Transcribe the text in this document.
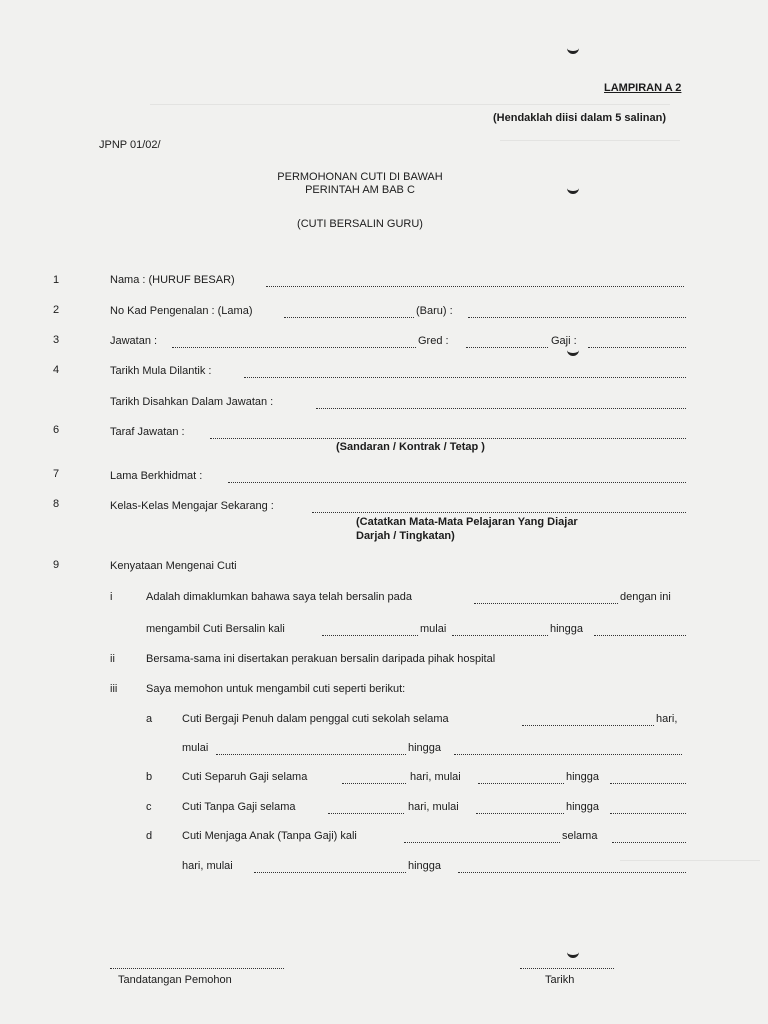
LAMPIRAN A 2
(Hendaklah diisi dalam 5 salinan)
JPNP 01/02/
PERMOHONAN CUTI DI BAWAH
PERINTAH AM BAB C
(CUTI BERSALIN GURU)
1	Nama : (HURUF BESAR)
2	No Kad Pengenalan : (Lama)	(Baru) :
3	Jawatan :	Gred :	Gaji :
4	Tarikh Mula Dilantik :
Tarikh Disahkan Dalam Jawatan :
6	Taraf Jawatan :
(Sandaran / Kontrak / Tetap )
7	Lama Berkhidmat :
8	Kelas-Kelas Mengajar Sekarang :
(Catatkan Mata-Mata Pelajaran Yang Diajar
Darjah / Tingkatan)
9	Kenyataan Mengenai Cuti
i	Adalah dimaklumkan bahawa saya telah bersalin pada	dengan ini
mengambil Cuti Bersalin kali	mulai	hingga
ii	Bersama-sama ini disertakan perakuan bersalin daripada pihak hospital
iii	Saya memohon untuk mengambil cuti seperti berikut:
a	Cuti Bergaji Penuh dalam penggal cuti sekolah selama	hari,
mulai	hingga
b	Cuti Separuh Gaji selama	hari, mulai	hingga
c	Cuti Tanpa Gaji selama	hari, mulai	hingga
d	Cuti Menjaga Anak (Tanpa Gaji) kali	selama
hari, mulai	hingga
Tandatangan Pemohon	Tarikh
